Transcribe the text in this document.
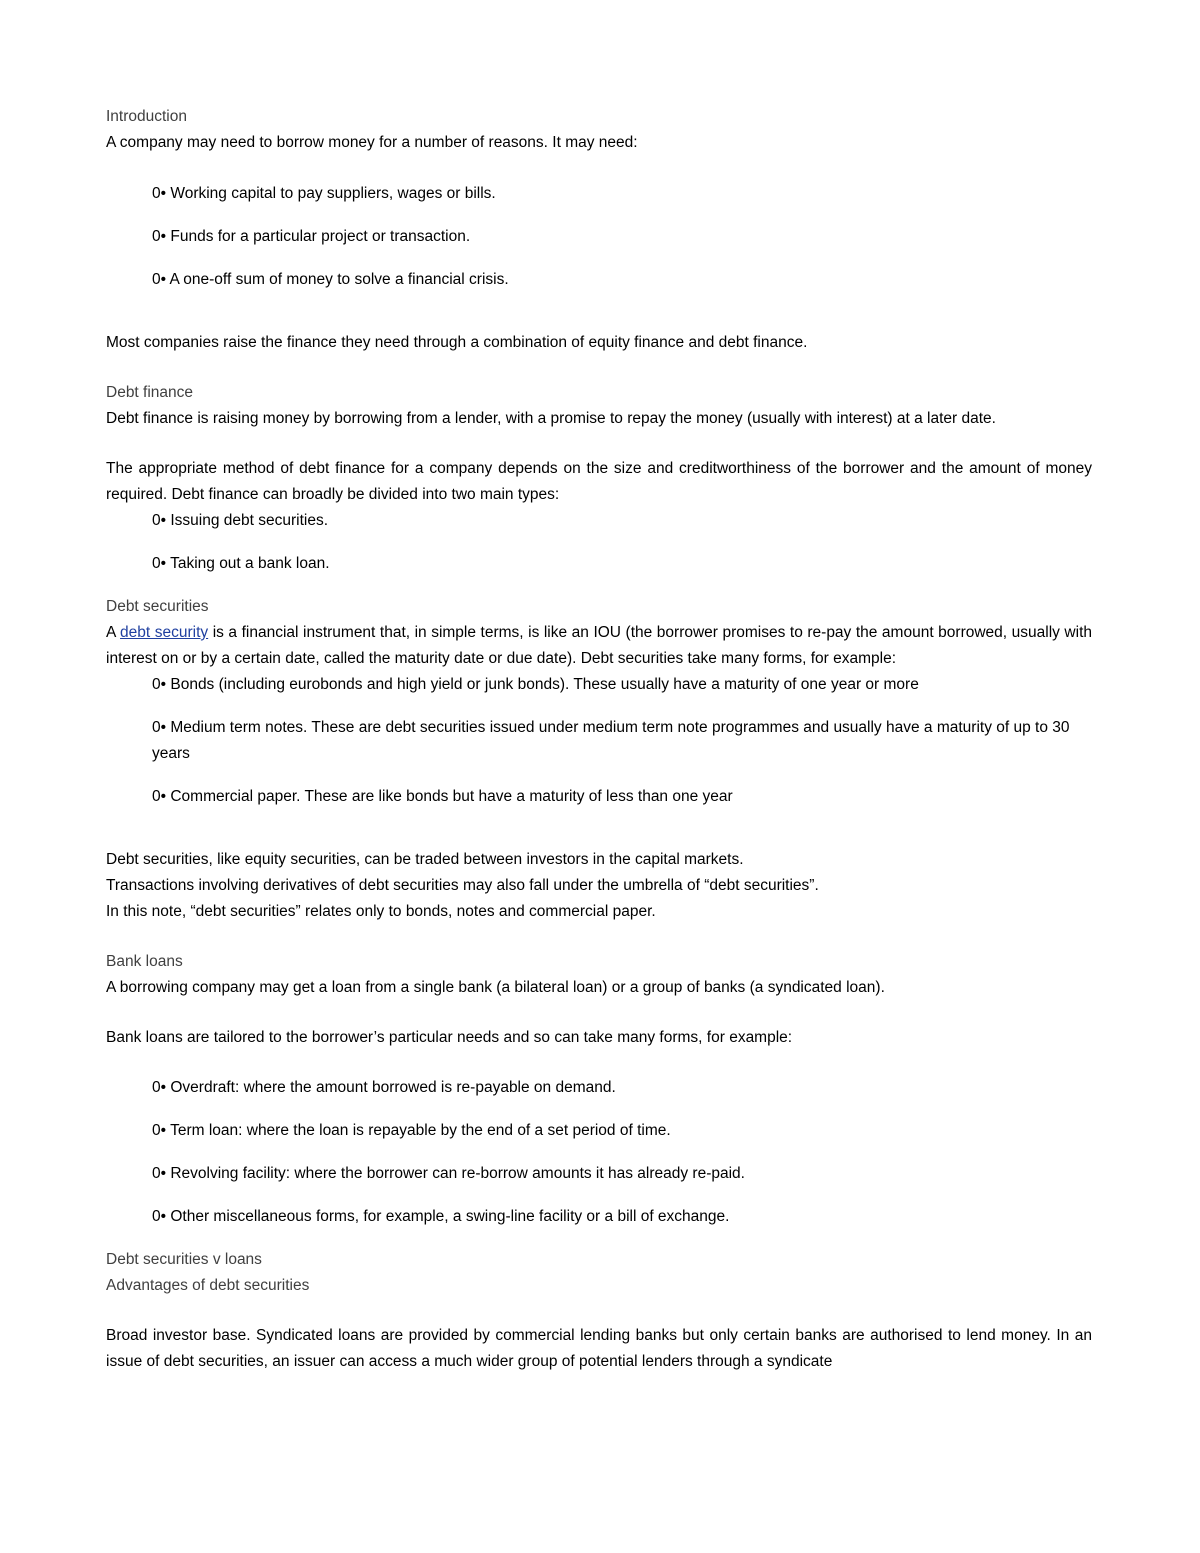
Introduction

A company may need to borrow money for a number of reasons. It may need:

0• Working capital to pay suppliers, wages or bills.
0• Funds for a particular project or transaction.
0• A one-off sum of money to solve a financial crisis.

Most companies raise the finance they need through a combination of equity finance and debt finance.

Debt finance

Debt finance is raising money by borrowing from a lender, with a promise to repay the money (usually with interest) at a later date.

The appropriate method of debt finance for a company depends on the size and creditworthiness of the borrower and the amount of money required. Debt finance can broadly be divided into two main types:

0• Issuing debt securities.
0• Taking out a bank loan.

Debt securities

A debt security is a financial instrument that, in simple terms, is like an IOU (the borrower promises to re-pay the amount borrowed, usually with interest on or by a certain date, called the maturity date or due date). Debt securities take many forms, for example:

0• Bonds (including eurobonds and high yield or junk bonds). These usually have a maturity of one year or more
0• Medium term notes. These are debt securities issued under medium term note programmes and usually have a maturity of up to 30 years
0• Commercial paper. These are like bonds but have a maturity of less than one year

Debt securities, like equity securities, can be traded between investors in the capital markets.

Transactions involving derivatives of debt securities may also fall under the umbrella of “debt securities”.

In this note, “debt securities” relates only to bonds, notes and commercial paper.

Bank loans

A borrowing company may get a loan from a single bank (a bilateral loan) or a group of banks (a syndicated loan).

Bank loans are tailored to the borrower’s particular needs and so can take many forms, for example:

0• Overdraft: where the amount borrowed is re-payable on demand.
0• Term loan: where the loan is repayable by the end of a set period of time.
0• Revolving facility: where the borrower can re-borrow amounts it has already re-paid.
0• Other miscellaneous forms, for example, a swing-line facility or a bill of exchange.

Debt securities v loans

Advantages of debt securities

Broad investor base. Syndicated loans are provided by commercial lending banks but only certain banks are authorised to lend money. In an issue of debt securities, an issuer can access a much wider group of potential lenders through a syndicate
